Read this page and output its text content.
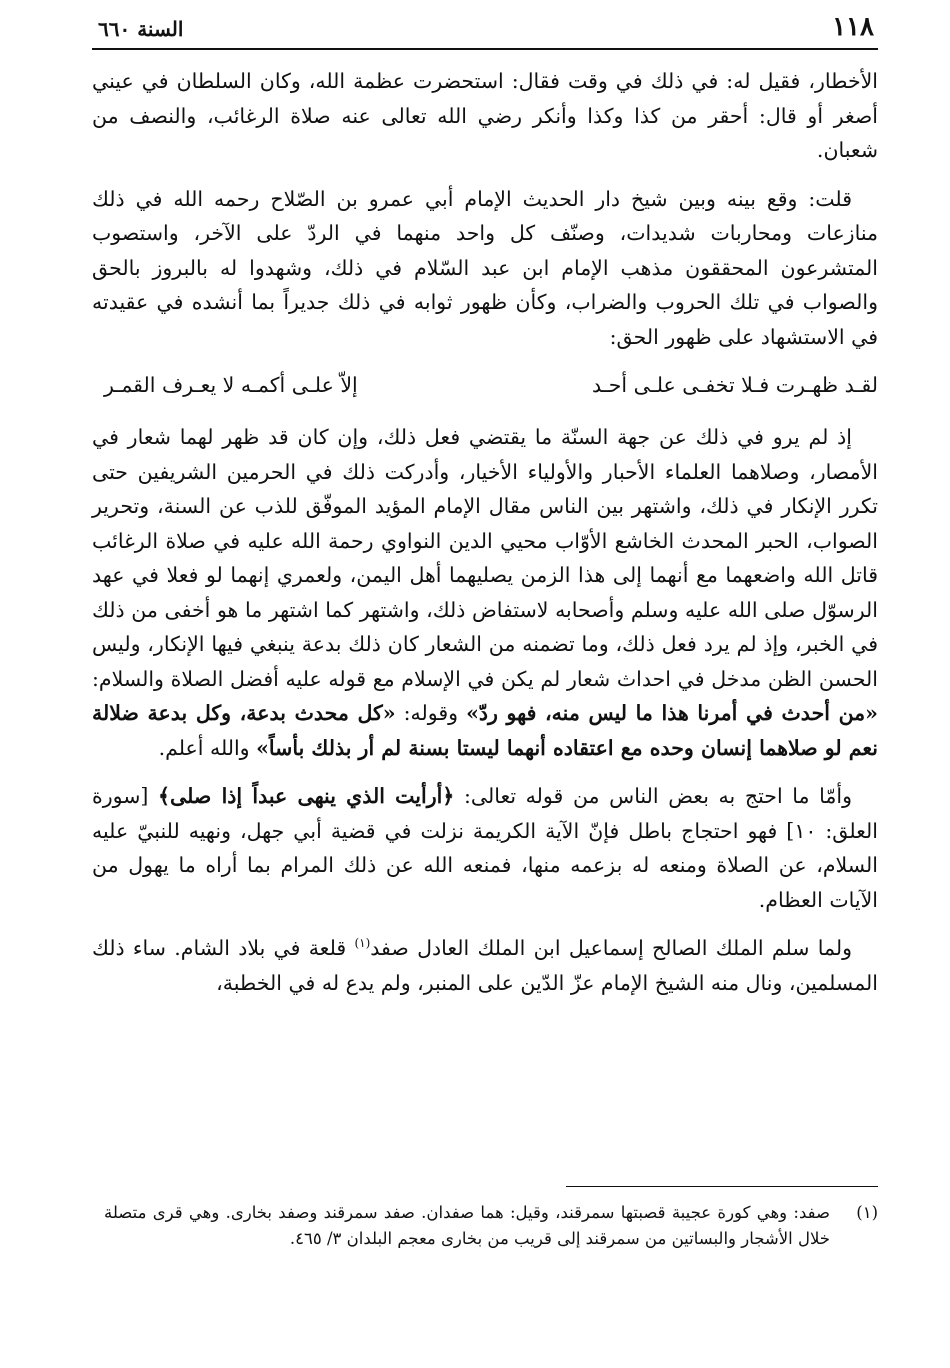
١١٨
السنة ٦٦٠

الأخطار، فقيل له: في ذلك في وقت فقال: استحضرت عظمة الله، وكان السلطان في عيني أصغر أو قال: أحقر من كذا وكذا وأنكر رضي الله تعالى عنه صلاة الرغائب، والنصف من شعبان.

قلت: وقع بينه وبين شيخ دار الحديث الإمام أبي عمرو بن الصّلاح رحمه الله في ذلك منازعات ومحاربات شديدات، وصنّف كل واحد منهما في الردّ على الآخر، واستصوب المتشرعون المحققون مذهب الإمام ابن عبد السّلام في ذلك، وشهدوا له بالبروز بالحق والصواب في تلك الحروب والضراب، وكأن ظهور ثوابه في ذلك جديراً بما أنشده في عقيدته في الاستشهاد على ظهور الحق:

لقـد ظهـرت فـلا تخفـى علـى أحـد
إلاّ علـى أكمـه لا يعـرف القمـر

إذ لم يرو في ذلك عن جهة السنّة ما يقتضي فعل ذلك، وإن كان قد ظهر لهما شعار في الأمصار، وصلاهما العلماء الأحبار والأولياء الأخيار، وأدركت ذلك في الحرمين الشريفين حتى تكرر الإنكار في ذلك، واشتهر بين الناس مقال الإمام المؤيد الموفّق للذب عن السنة، وتحرير الصواب، الحبر المحدث الخاشع الأوّاب محيي الدين النواوي رحمة الله عليه في صلاة الرغائب قاتل الله واضعهما مع أنهما إلى هذا الزمن يصليهما أهل اليمن، ولعمري إنهما لو فعلا في عهد الرسوّل صلى الله عليه وسلم وأصحابه لاستفاض ذلك، واشتهر كما اشتهر ما هو أخفى من ذلك في الخبر، وإذ لم يرد فعل ذلك، وما تضمنه من الشعار كان ذلك بدعة ينبغي فيها الإنكار، وليس الحسن الظن مدخل في احداث شعار لم يكن في الإسلام مع قوله عليه أفضل الصلاة والسلام: «من أحدث في أمرنا هذا ما ليس منه، فهو ردّ» وقوله: «كل محدث بدعة، وكل بدعة ضلالة نعم لو صلاهما إنسان وحده مع اعتقاده أنهما ليستا بسنة لم أر بذلك بأساً» والله أعلم.

وأمّا ما احتج به بعض الناس من قوله تعالى: ﴿أرأيت الذي ينهى عبداً إذا صلى﴾ [سورة العلق: ١٠] فهو احتجاج باطل فإنّ الآية الكريمة نزلت في قضية أبي جهل، ونهيه للنبيّ عليه السلام، عن الصلاة ومنعه له بزعمه منها، فمنعه الله عن ذلك المرام بما أراه ما يهول من الآيات العظام.

ولما سلم الملك الصالح إسماعيل ابن الملك العادل صفد$^{(١)}$ قلعة في بلاد الشام. ساء ذلك المسلمين، ونال منه الشيخ الإمام عزّ الدّين على المنبر، ولم يدع له في الخطبة،

(١)
صفد: وهي كورة عجيبة قصبتها سمرقند، وقيل: هما صفدان. صفد سمرقند وصفد بخارى. وهي قرى متصلة خلال الأشجار والبساتين من سمرقند إلى قريب من بخارى معجم البلدان ٣/ ٤٦٥.
